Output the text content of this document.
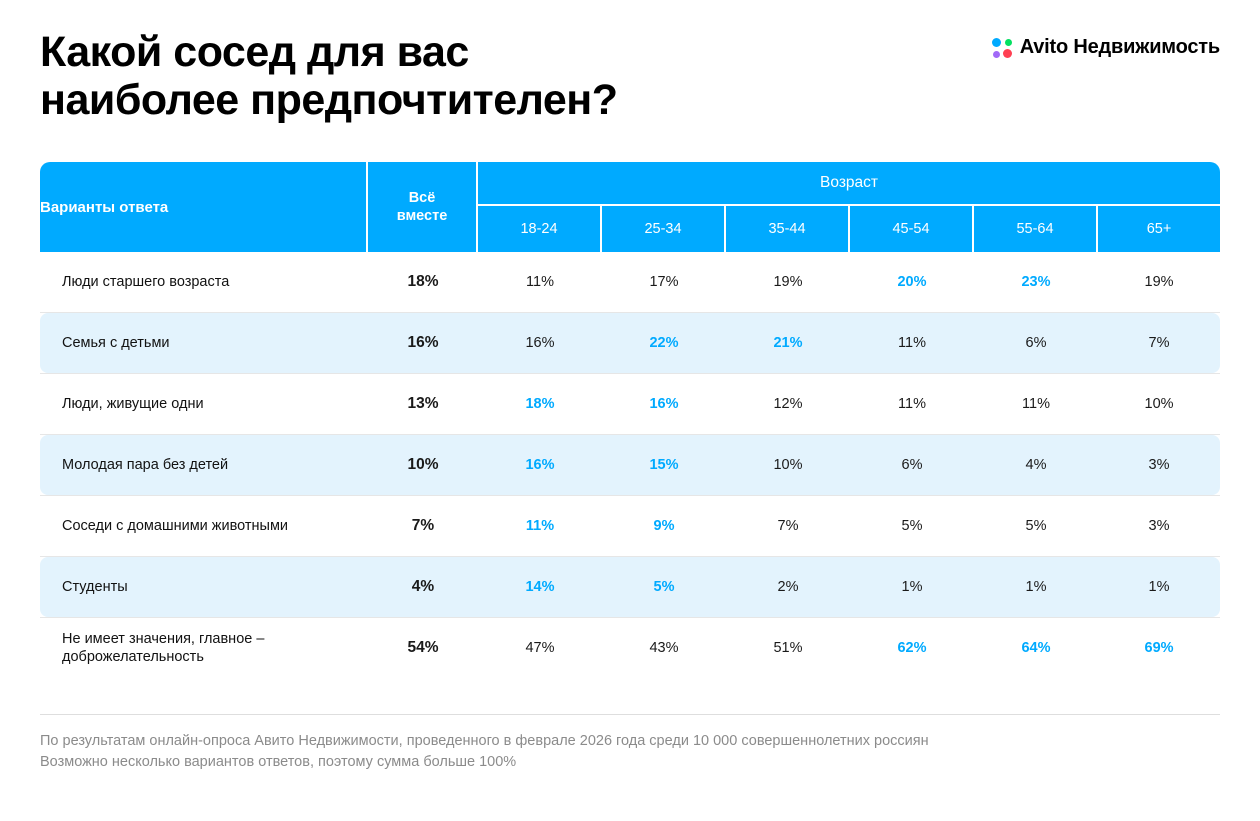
Какой сосед для вас
наиболее предпочтителен?
Avito Недвижимость
Варианты ответа	Всё
вместе	Возраст					
		18-24	25-34	35-44	45-54	55-64	65+
Люди старшего возраста	18%	11%	17%	19%	20%	23%	19%

Семья с детьми	16%	16%	22%	21%	11%	6%	7%

Люди, живущие одни	13%	18%	16%	12%	11%	11%	10%

Молодая пара без детей	10%	16%	15%	10%	6%	4%	3%

Соседи с домашними животными	7%	11%	9%	7%	5%	5%	3%

Студенты	4%	14%	5%	2%	1%	1%	1%

Не имеет значения, главное –
доброжелательность	54%	47%	43%	51%	62%	64%	69%
По результатам онлайн-опроса Авито Недвижимости, проведенного в феврале 2026 года среди 10 000 совершеннолетних россиян
Возможно несколько вариантов ответов, поэтому сумма больше 100%
